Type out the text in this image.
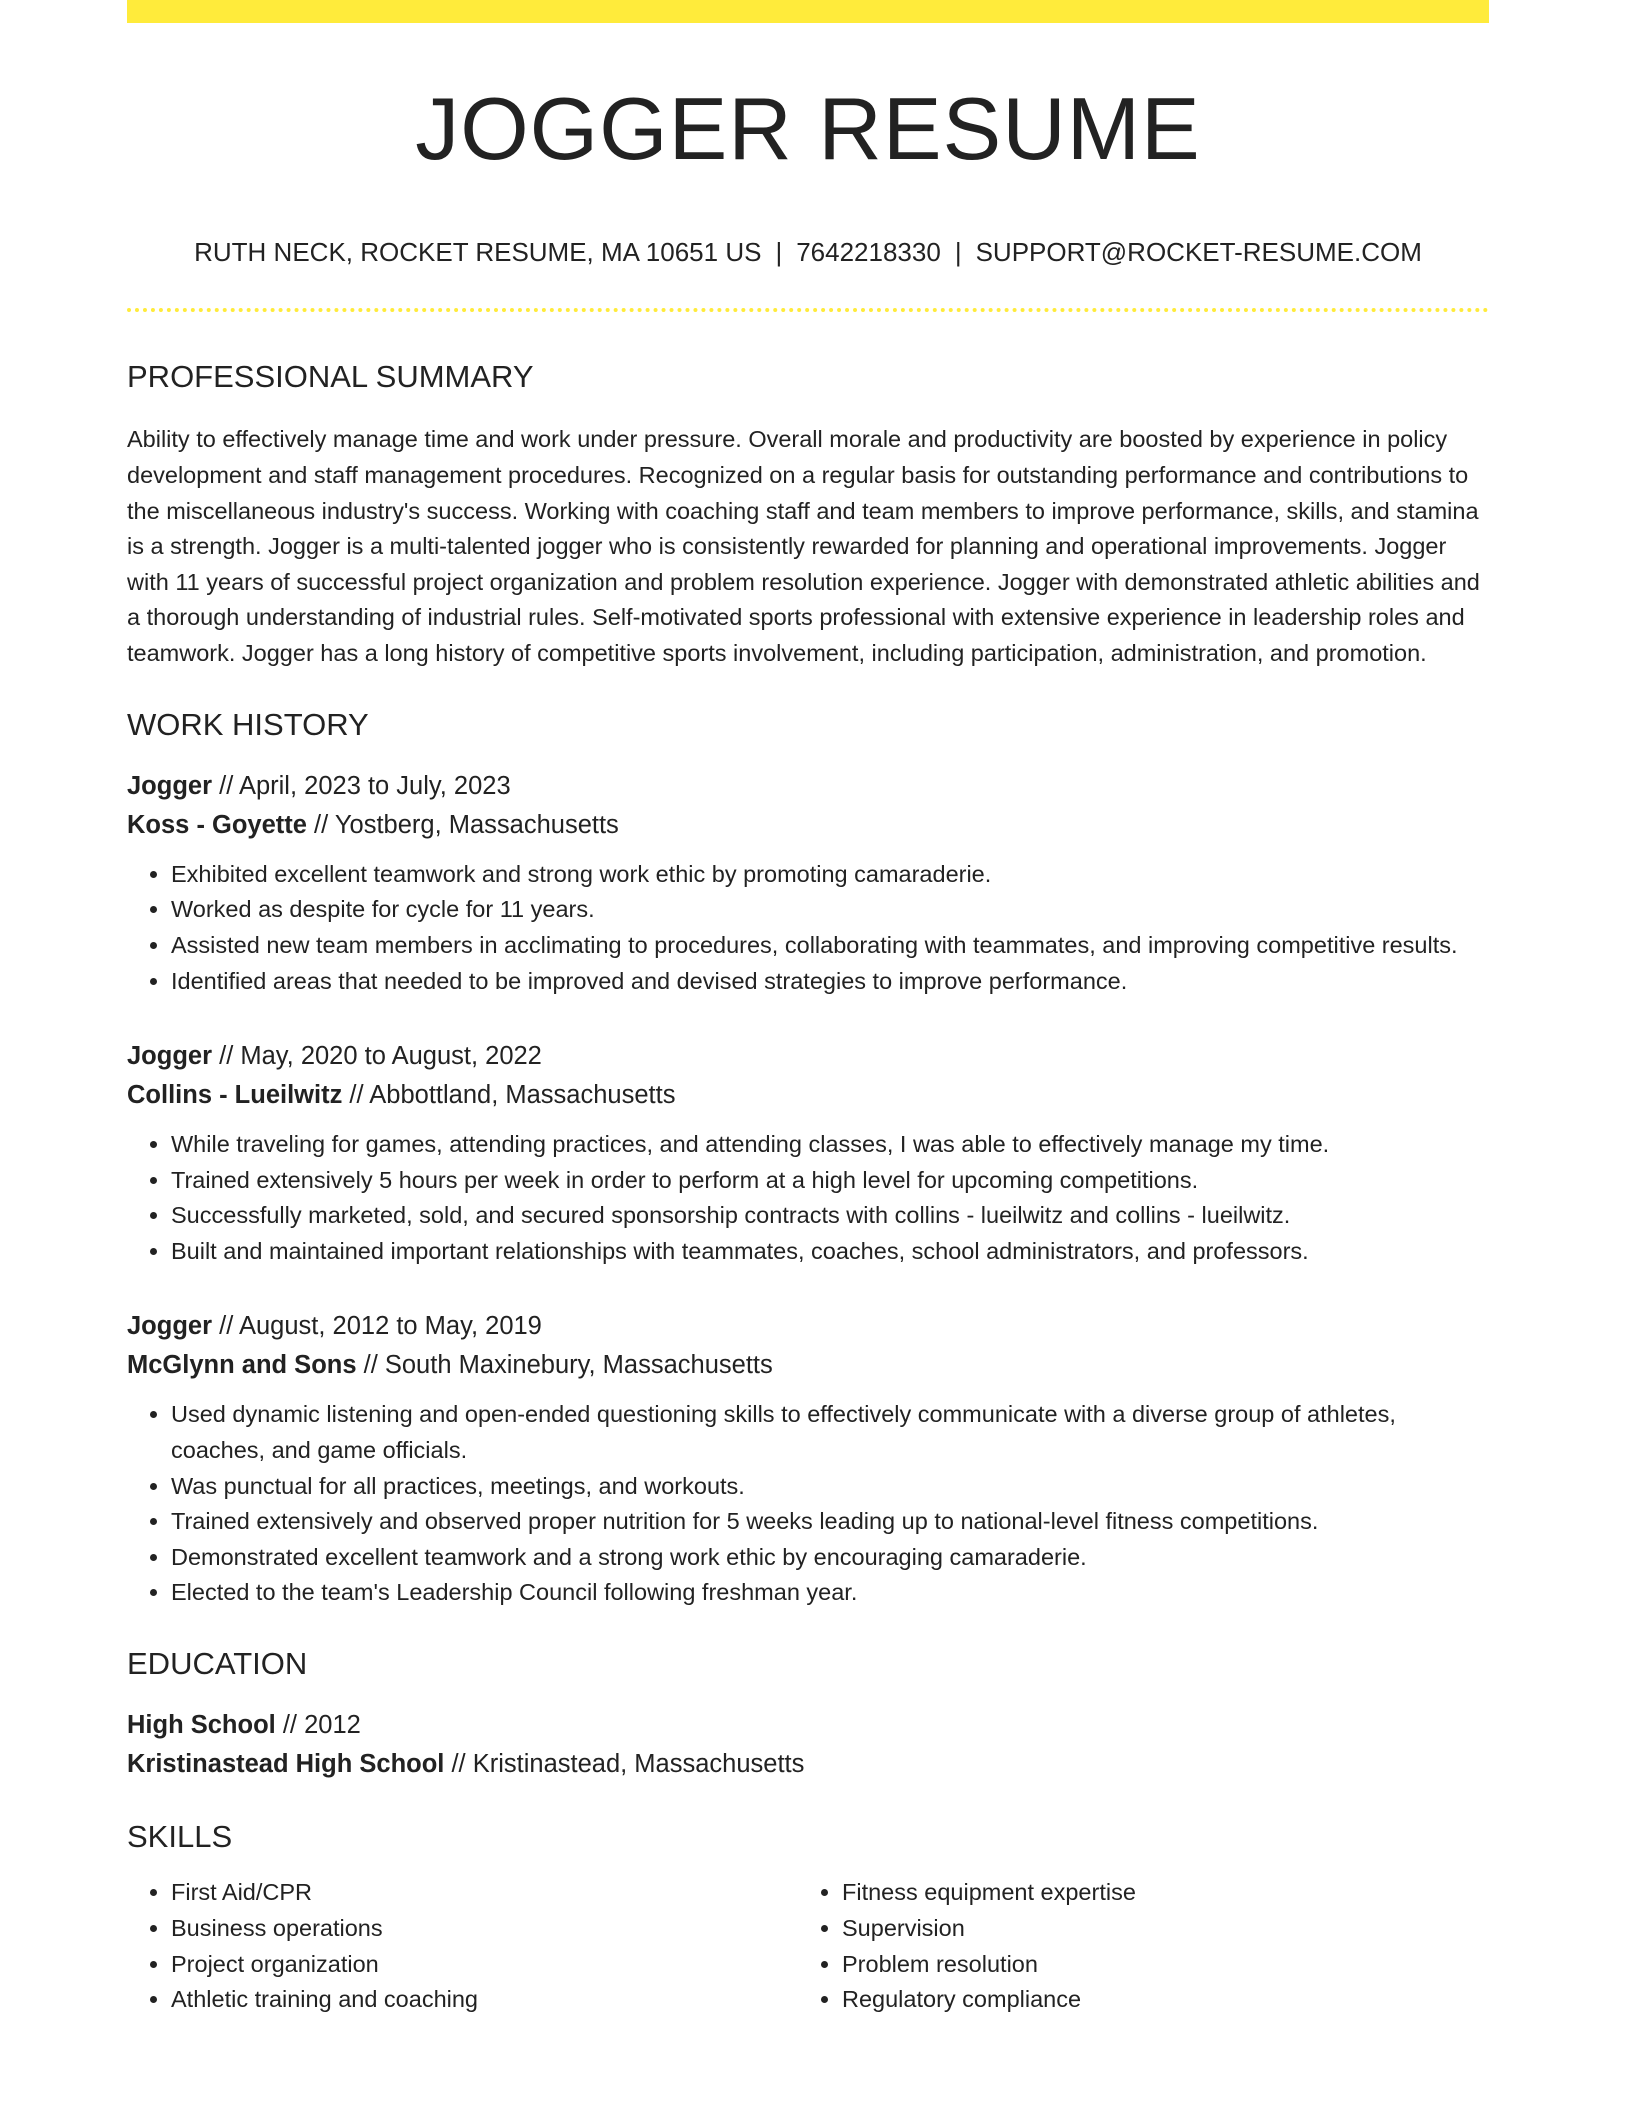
JOGGER RESUME
RUTH NECK, ROCKET RESUME, MA 10651 US | 7642218330 | SUPPORT@ROCKET-RESUME.COM
PROFESSIONAL SUMMARY

Ability to effectively manage time and work under pressure. Overall morale and productivity are boosted by experience in policy development and staff management procedures. Recognized on a regular basis for outstanding performance and contributions to the miscellaneous industry's success. Working with coaching staff and team members to improve performance, skills, and stamina is a strength. Jogger is a multi-talented jogger who is consistently rewarded for planning and operational improvements. Jogger with 11 years of successful project organization and problem resolution experience. Jogger with demonstrated athletic abilities and a thorough understanding of industrial rules. Self-motivated sports professional with extensive experience in leadership roles and teamwork. Jogger has a long history of competitive sports involvement, including participation, administration, and promotion.

WORK HISTORY
Jogger // April, 2023 to July, 2023
Koss - Goyette // Yostberg, Massachusetts
• Exhibited excellent teamwork and strong work ethic by promoting camaraderie.
• Worked as despite for cycle for 11 years.
• Assisted new team members in acclimating to procedures, collaborating with teammates, and improving competitive results.
• Identified areas that needed to be improved and devised strategies to improve performance.
Jogger // May, 2020 to August, 2022
Collins - Lueilwitz // Abbottland, Massachusetts
• While traveling for games, attending practices, and attending classes, I was able to effectively manage my time.
• Trained extensively 5 hours per week in order to perform at a high level for upcoming competitions.
• Successfully marketed, sold, and secured sponsorship contracts with collins - lueilwitz and collins - lueilwitz.
• Built and maintained important relationships with teammates, coaches, school administrators, and professors.
Jogger // August, 2012 to May, 2019
McGlynn and Sons // South Maxinebury, Massachusetts
• Used dynamic listening and open-ended questioning skills to effectively communicate with a diverse group of athletes, coaches, and game officials.
• Was punctual for all practices, meetings, and workouts.
• Trained extensively and observed proper nutrition for 5 weeks leading up to national-level fitness competitions.
• Demonstrated excellent teamwork and a strong work ethic by encouraging camaraderie.
• Elected to the team's Leadership Council following freshman year.
EDUCATION
High School // 2012
Kristinastead High School // Kristinastead, Massachusetts
SKILLS
• First Aid/CPR
• Business operations
• Project organization
• Athletic training and coaching
• Fitness equipment expertise
• Supervision
• Problem resolution
• Regulatory compliance
